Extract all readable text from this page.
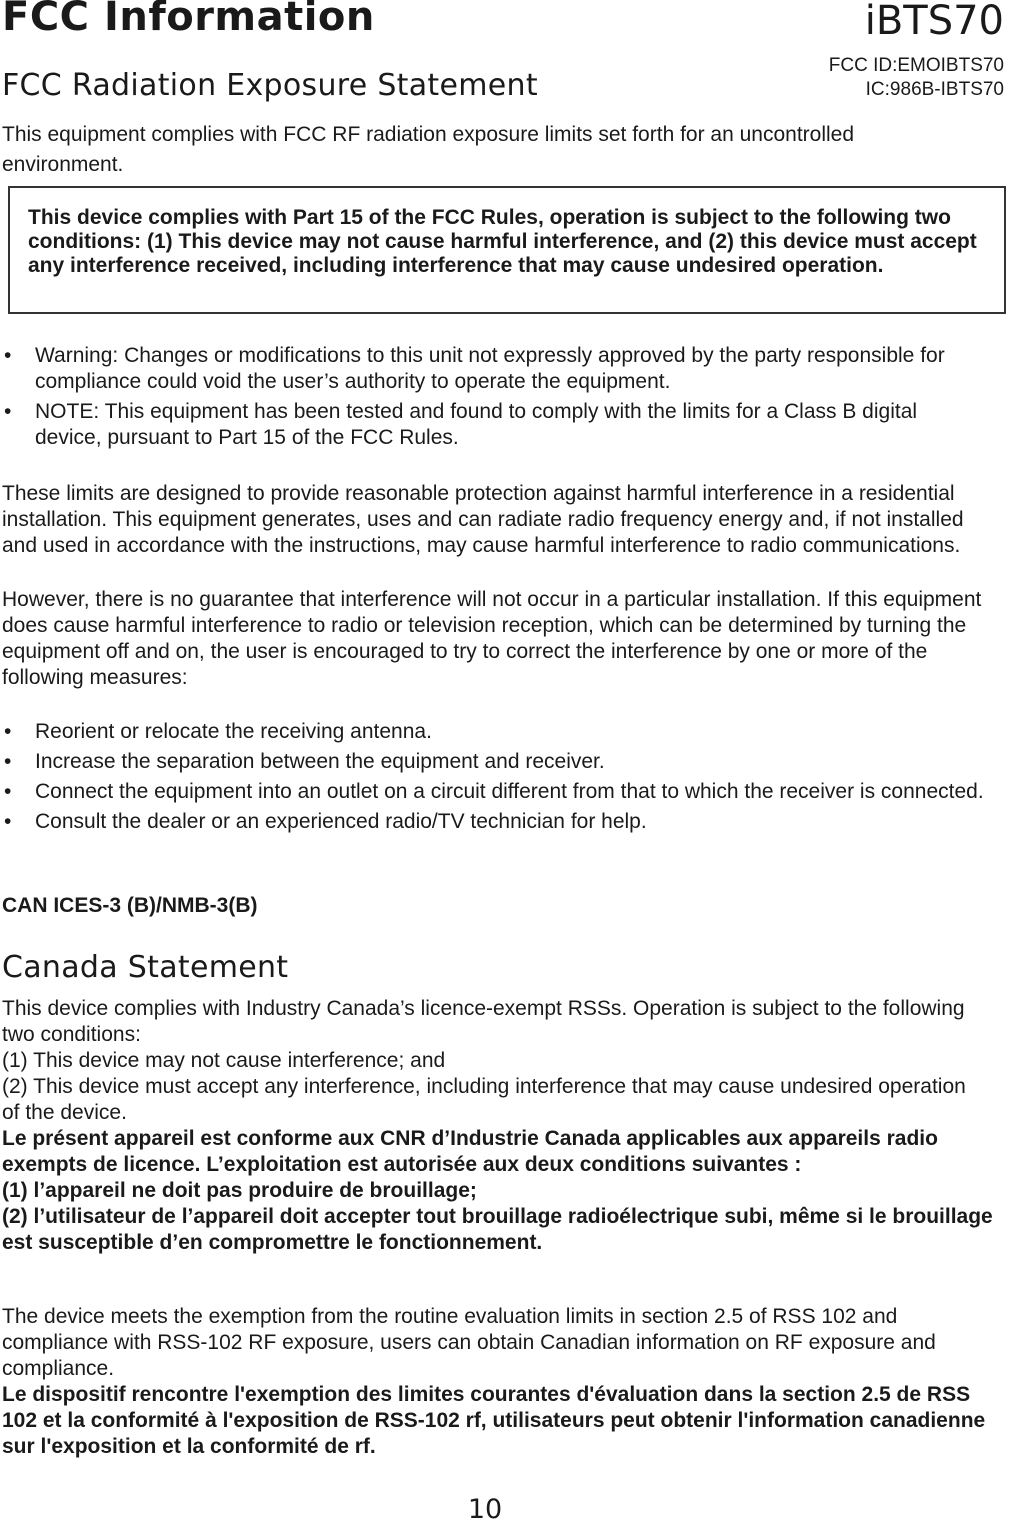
FCC Information	iBTS70
FCC ID:EMOIBTS70
IC:986B-IBTS70
FCC Radiation Exposure Statement
This equipment complies with FCC RF radiation exposure limits set forth for an uncontrolled environment.
This device complies with Part 15 of the FCC Rules, operation is subject to the following two conditions: (1) This device may not cause harmful interference, and (2) this device must accept any interference received, including interference that may cause undesired operation.
• Warning: Changes or modifications to this unit not expressly approved by the party responsible for compliance could void the user’s authority to operate the equipment.
• NOTE: This equipment has been tested and found to comply with the limits for a Class B digital device, pursuant to Part 15 of the FCC Rules.
These limits are designed to provide reasonable protection against harmful interference in a residential installation. This equipment generates, uses and can radiate radio frequency energy and, if not installed and used in accordance with the instructions, may cause harmful interference to radio communications.
However, there is no guarantee that interference will not occur in a particular installation. If this equipment does cause harmful interference to radio or television reception, which can be determined by turning the equipment off and on, the user is encouraged to try to correct the interference by one or more of the following measures:
• Reorient or relocate the receiving antenna.
• Increase the separation between the equipment and receiver.
• Connect the equipment into an outlet on a circuit different from that to which the receiver is connected.
• Consult the dealer or an experienced radio/TV technician for help.
CAN ICES-3 (B)/NMB-3(B)
Canada Statement

This device complies with Industry Canada’s licence-exempt RSSs. Operation is subject to the following two conditions:

(1) This device may not cause interference; and

(2) This device must accept any interference, including interference that may cause undesired operation of the device.

Le présent appareil est conforme aux CNR d’Industrie Canada applicables aux appareils radio exempts de licence. L’exploitation est autorisée aux deux conditions suivantes :

(1) l’appareil ne doit pas produire de brouillage;

(2) l’utilisateur de l’appareil doit accepter tout brouillage radioélectrique subi, même si le brouillage est susceptible d’en compromettre le fonctionnement.

The device meets the exemption from the routine evaluation limits in section 2.5 of RSS 102 and compliance with RSS-102 RF exposure, users can obtain Canadian information on RF exposure and compliance.
Le dispositif rencontre l'exemption des limites courantes d'évaluation dans la section 2.5 de RSS 102 et la conformité à l'exposition de RSS-102 rf, utilisateurs peut obtenir l'information canadienne sur l'exposition et la conformité de rf.
10
